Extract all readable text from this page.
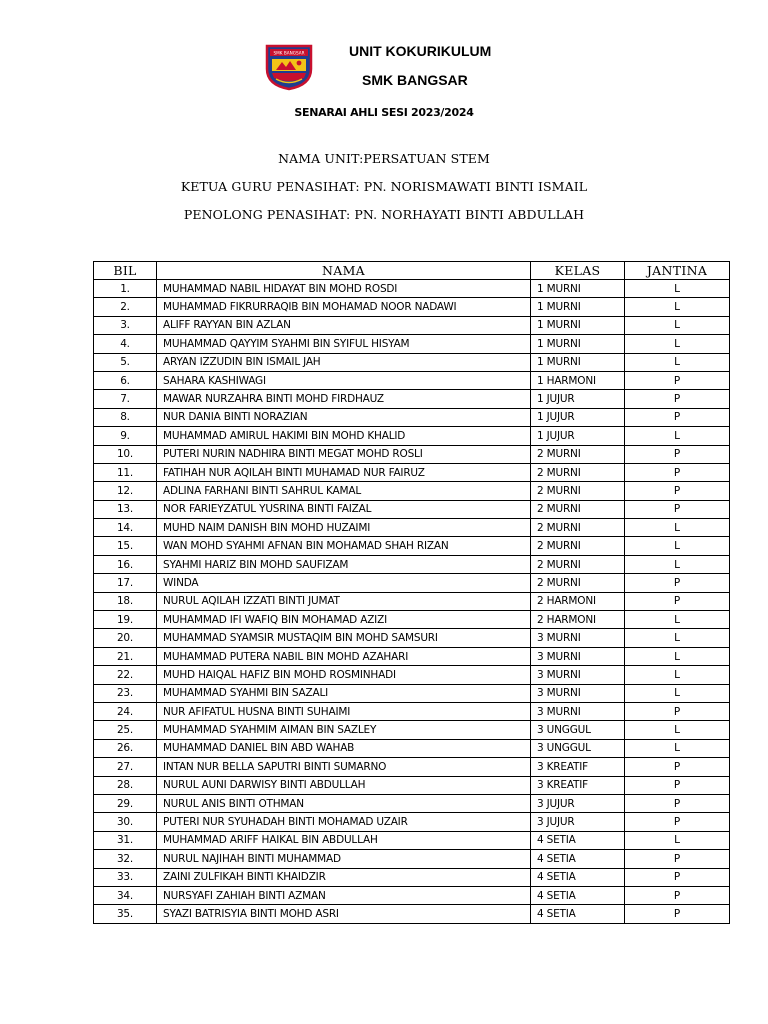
SMK BANGSAR	UNIT KOKURIKULUM
SMK BANGSAR
SENARAI AHLI SESI 2023/2024
NAMA UNIT:PERSATUAN STEM
KETUA GURU PENASIHAT: PN. NORISMAWATI BINTI ISMAIL
PENOLONG PENASIHAT: PN. NORHAYATI BINTI ABDULLAH
BIL	NAMA	KELAS	JANTINA
1.	MUHAMMAD NABIL HIDAYAT BIN MOHD ROSDI	1 MURNI	L
2.	MUHAMMAD FIKRURRAQIB BIN MOHAMAD NOOR NADAWI	1 MURNI	L
3.	ALIFF RAYYAN BIN AZLAN	1 MURNI	L
4.	MUHAMMAD QAYYIM SYAHMI BIN SYIFUL HISYAM	1 MURNI	L
5.	ARYAN IZZUDIN BIN ISMAIL JAH	1 MURNI	L
6.	SAHARA KASHIWAGI	1 HARMONI	P
7.	MAWAR NURZAHRA BINTI MOHD FIRDHAUZ	1 JUJUR	P
8.	NUR DANIA BINTI NORAZIAN	1 JUJUR	P
9.	MUHAMMAD AMIRUL HAKIMI BIN MOHD KHALID	1 JUJUR	L
10.	PUTERI NURIN NADHIRA BINTI MEGAT MOHD ROSLI	2 MURNI	P
11.	FATIHAH NUR AQILAH BINTI MUHAMAD NUR FAIRUZ	2 MURNI	P
12.	ADLINA FARHANI BINTI SAHRUL KAMAL	2 MURNI	P
13.	NOR FARIEYZATUL YUSRINA BINTI FAIZAL	2 MURNI	P
14.	MUHD NAIM DANISH BIN MOHD HUZAIMI	2 MURNI	L
15.	WAN MOHD SYAHMI AFNAN BIN MOHAMAD SHAH RIZAN	2 MURNI	L
16.	SYAHMI HARIZ BIN MOHD SAUFIZAM	2 MURNI	L
17.	WINDA	2 MURNI	P
18.	NURUL AQILAH IZZATI BINTI JUMAT	2 HARMONI	P
19.	MUHAMMAD IFI WAFIQ BIN MOHAMAD AZIZI	2 HARMONI	L
20.	MUHAMMAD SYAMSIR MUSTAQIM BIN MOHD SAMSURI	3 MURNI	L
21.	MUHAMMAD PUTERA NABIL BIN MOHD AZAHARI	3 MURNI	L
22.	MUHD HAIQAL HAFIZ BIN MOHD ROSMINHADI	3 MURNI	L
23.	MUHAMMAD SYAHMI BIN SAZALI	3 MURNI	L
24.	NUR AFIFATUL HUSNA BINTI SUHAIMI	3 MURNI	P
25.	MUHAMMAD SYAHMIM AIMAN BIN SAZLEY	3 UNGGUL	L
26.	MUHAMMAD DANIEL BIN ABD WAHAB	3 UNGGUL	L
27.	INTAN NUR BELLA SAPUTRI BINTI SUMARNO	3 KREATIF	P
28.	NURUL AUNI DARWISY BINTI ABDULLAH	3 KREATIF	P
29.	NURUL ANIS BINTI OTHMAN	3 JUJUR	P
30.	PUTERI NUR SYUHADAH BINTI MOHAMAD UZAIR	3 JUJUR	P
31.	MUHAMMAD ARIFF HAIKAL BIN ABDULLAH	4 SETIA	L
32.	NURUL NAJIHAH BINTI MUHAMMAD	4 SETIA	P
33.	ZAINI ZULFIKAH BINTI KHAIDZIR	4 SETIA	P
34.	NURSYAFI ZAHIAH BINTI AZMAN	4 SETIA	P
35.	SYAZI BATRISYIA BINTI MOHD ASRI	4 SETIA	P
